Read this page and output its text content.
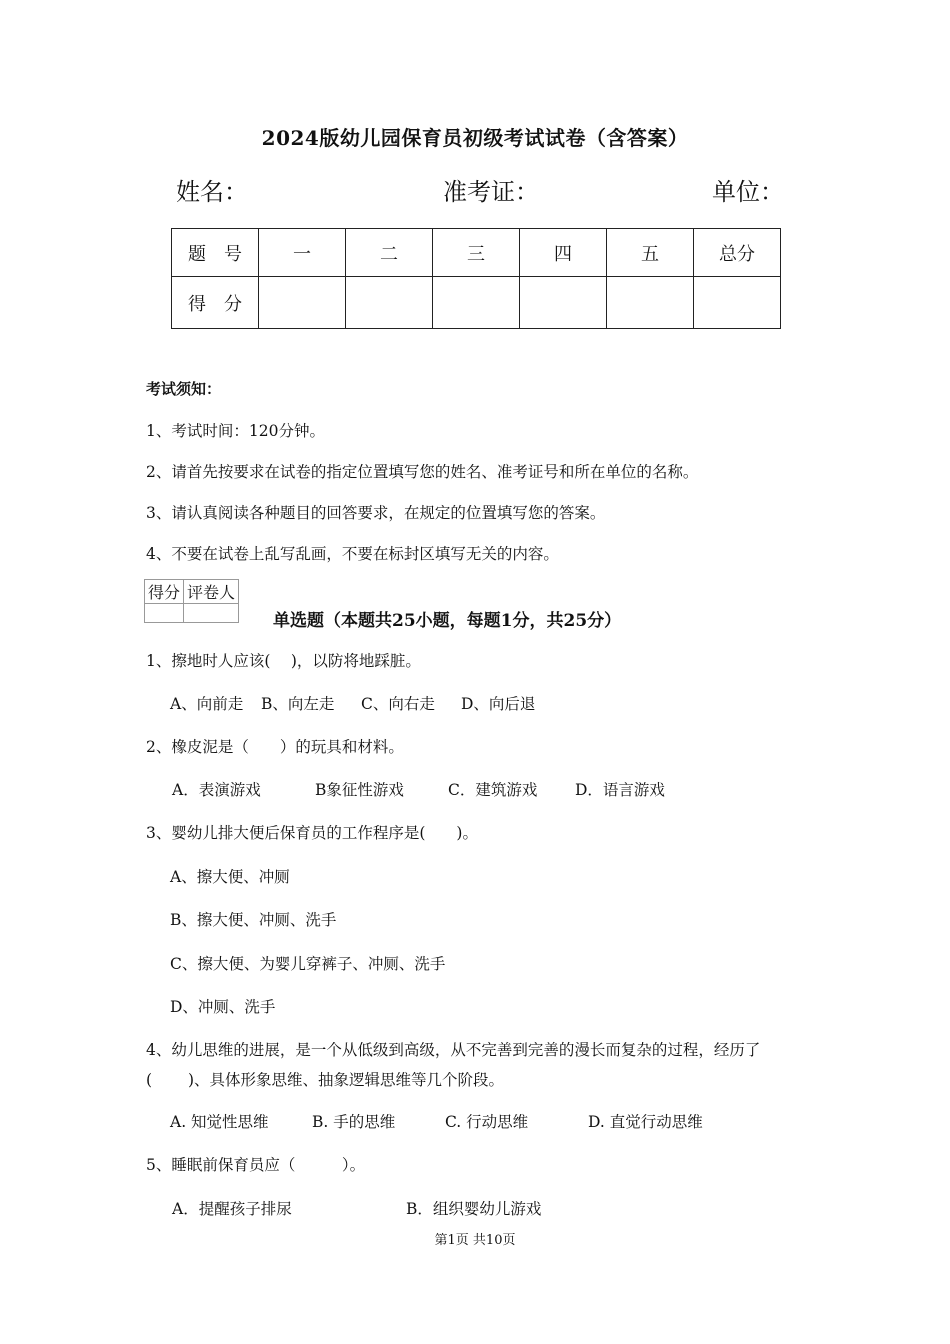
2024版幼儿园保育员初级考试试卷（含答案）
姓名：	准考证：	单位：
题　号	一	二	三	四	五	总分
得　分						
考试须知：
1、考试时间：120分钟。
2、请首先按要求在试卷的指定位置填写您的姓名、准考证号和所在单位的名称。
3、请认真阅读各种题目的回答要求，在规定的位置填写您的答案。
4、不要在试卷上乱写乱画，不要在标封区填写无关的内容。
得分	评卷人

单选题（本题共25小题，每题1分，共25分）
1、擦地时人应该(　 )，以防将地踩脏。
A、向前走 B、向左走 C、向右走 D、向后退
2、橡皮泥是（　　）的玩具和材料。
A．表演游戏	B象征性游戏	C．建筑游戏 D．语言游戏
3、婴幼儿排大便后保育员的工作程序是(　　)。
A、擦大便、冲厕
B、擦大便、冲厕、洗手
C、擦大便、为婴儿穿裤子、冲厕、洗手
D、冲厕、洗手
4、幼儿思维的进展，是一个从低级到高级，从不完善到完善的漫长而复杂的过程，经历了
(　　 )、具体形象思维、抽象逻辑思维等几个阶段。
A. 知觉性思维	B. 手的思维	C. 行动思维	D. 直觉行动思维
5、睡眠前保育员应（　　　）。
A．提醒孩子排尿	B．组织婴幼儿游戏
第1页 共10页
